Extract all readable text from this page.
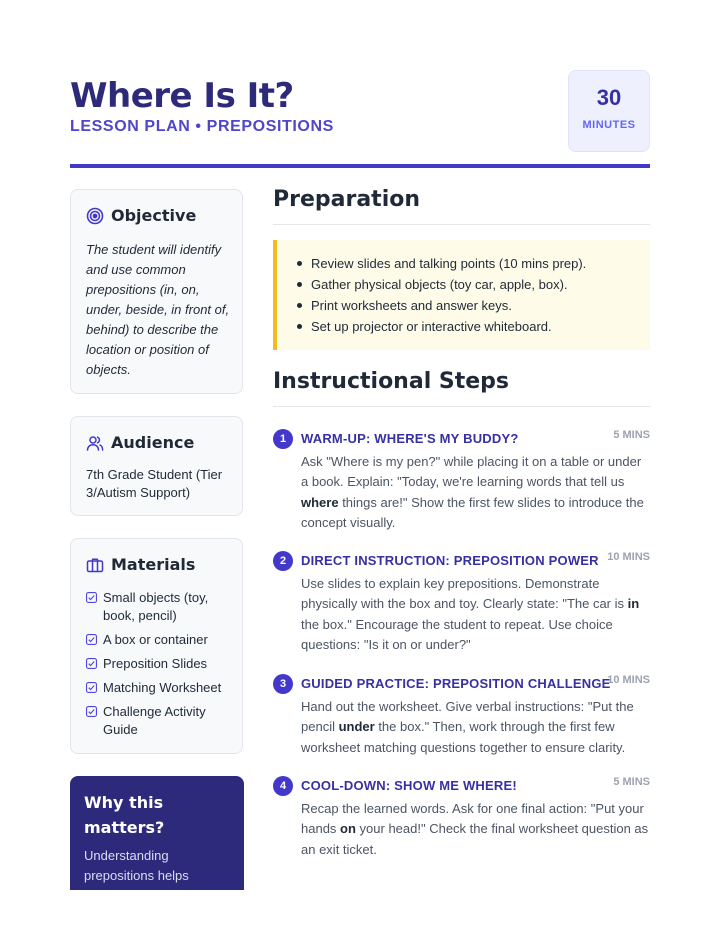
Where Is It?
LESSON PLAN • PREPOSITIONS
30
MINUTES
Objective
The student will identify and use common prepositions (in, on, under, beside, in front of, behind) to describe the location or position of objects.
Audience
7th Grade Student (Tier 3/Autism Support)
Materials
Small objects (toy, book, pencil)
A box or container
Preposition Slides
Matching Worksheet
Challenge Activity Guide
Why this matters?
Understanding prepositions helps
Preparation
Review slides and talking points (10 mins prep).
Gather physical objects (toy car, apple, box).
Print worksheets and answer keys.
Set up projector or interactive whiteboard.
Instructional Steps
1	WARM-UP: WHERE'S MY BUDDY?	5 MINS
Ask "Where is my pen?" while placing it on a table or under a book. Explain: "Today, we're learning words that tell us where things are!" Show the first few slides to introduce the concept visually.
2	DIRECT INSTRUCTION: PREPOSITION POWER 10 MINS
Use slides to explain key prepositions. Demonstrate physically with the box and toy. Clearly state: "The car is in the box." Encourage the student to repeat. Use choice questions: "Is it on or under?"
3	GUIDED PRACTICE: PREPOSITION CHALLENGE
10 MINS
Hand out the worksheet. Give verbal instructions: "Put the pencil under the box." Then, work through the first few worksheet matching questions together to ensure clarity.
4	COOL-DOWN: SHOW ME WHERE!	5 MINS
Recap the learned words. Ask for one final action: "Put your hands on your head!" Check the final worksheet question as an exit ticket.
